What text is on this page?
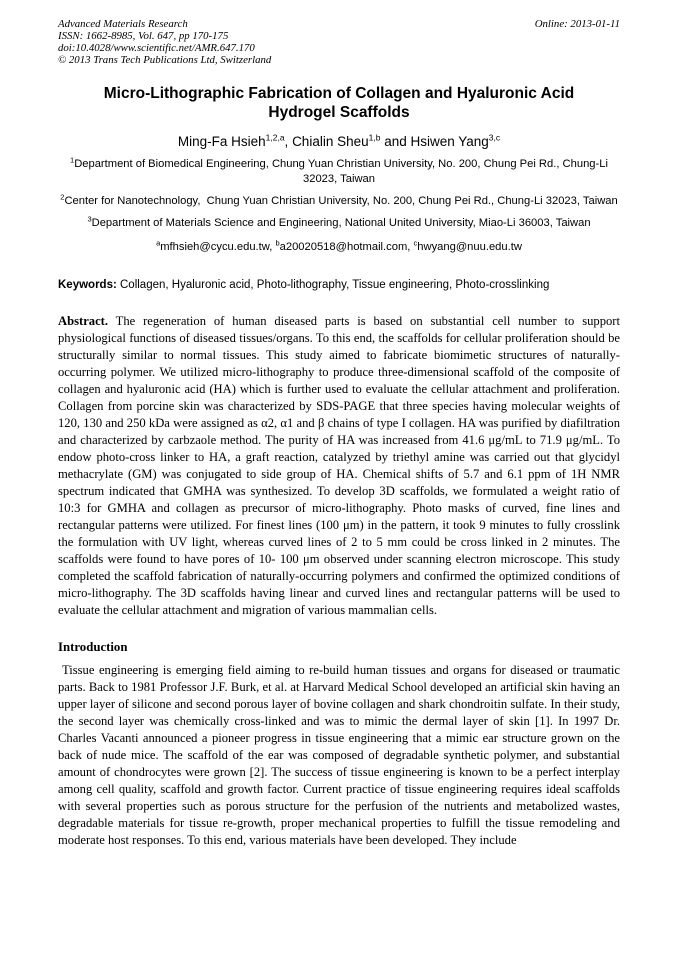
Advanced Materials Research
ISSN: 1662-8985, Vol. 647, pp 170-175
doi:10.4028/www.scientific.net/AMR.647.170
© 2013 Trans Tech Publications Ltd, Switzerland
Online: 2013-01-11
Micro-Lithographic Fabrication of Collagen and Hyaluronic Acid Hydrogel Scaffolds
Ming-Fa Hsieh$^{1,2,a}$, Chialin Sheu$^{1,b}$ and Hsiwen Yang$^{3,c}$
$^1$Department of Biomedical Engineering, Chung Yuan Christian University, No. 200, Chung Pei Rd., Chung-Li 32023, Taiwan
$^2$Center for Nanotechnology,  Chung Yuan Christian University, No. 200, Chung Pei Rd., Chung-Li 32023, Taiwan
$^3$Department of Materials Science and Engineering, National United University, Miao-Li 36003, Taiwan
$^a$mfhsieh@cycu.edu.tw, $^b$a20020518@hotmail.com, $^c$hwyang@nuu.edu.tw
Keywords: Collagen, Hyaluronic acid, Photo-lithography, Tissue engineering, Photo-crosslinking

Abstract. The regeneration of human diseased parts is based on substantial cell number to support physiological functions of diseased tissues/organs. To this end, the scaffolds for cellular proliferation should be structurally similar to normal tissues. This study aimed to fabricate biomimetic structures of naturally-occurring polymer. We utilized micro-lithography to produce three-dimensional scaffold of the composite of collagen and hyaluronic acid (HA) which is further used to evaluate the cellular attachment and proliferation. Collagen from porcine skin was characterized by SDS-PAGE that three species having molecular weights of 120, 130 and 250 kDa were assigned as α2, α1 and β chains of type I collagen. HA was purified by diafiltration and characterized by carbzaole method. The purity of HA was increased from 41.6 μg/mL to 71.9 μg/mL. To endow photo-cross linker to HA, a graft reaction, catalyzed by triethyl amine was carried out that glycidyl methacrylate (GM) was conjugated to side group of HA. Chemical shifts of 5.7 and 6.1 ppm of 1H NMR spectrum indicated that GMHA was synthesized. To develop 3D scaffolds, we formulated a weight ratio of 10:3 for GMHA and collagen as precursor of micro-lithography. Photo masks of curved, fine lines and rectangular patterns were utilized. For finest lines (100 μm) in the pattern, it took 9 minutes to fully crosslink the formulation with UV light, whereas curved lines of 2 to 5 mm could be cross linked in 2 minutes. The scaffolds were found to have pores of 10- 100 μm observed under scanning electron microscope. This study completed the scaffold fabrication of naturally-occurring polymers and confirmed the optimized conditions of micro-lithography. The 3D scaffolds having linear and curved lines and rectangular patterns will be used to evaluate the cellular attachment and migration of various mammalian cells.

Introduction

Tissue engineering is emerging field aiming to re-build human tissues and organs for diseased or traumatic parts. Back to 1981 Professor J.F. Burk, et al. at Harvard Medical School developed an artificial skin having an upper layer of silicone and second porous layer of bovine collagen and shark chondroitin sulfate. In their study, the second layer was chemically cross-linked and was to mimic the dermal layer of skin [1]. In 1997 Dr. Charles Vacanti announced a pioneer progress in tissue engineering that a mimic ear structure grown on the back of nude mice. The scaffold of the ear was composed of degradable synthetic polymer, and substantial amount of chondrocytes were grown [2]. The success of tissue engineering is known to be a perfect interplay among cell quality, scaffold and growth factor. Current practice of tissue engineering requires ideal scaffolds with several properties such as porous structure for the perfusion of the nutrients and metabolized wastes, degradable materials for tissue re-growth, proper mechanical properties to fulfill the tissue remodeling and moderate host responses. To this end, various materials have been developed. They include
